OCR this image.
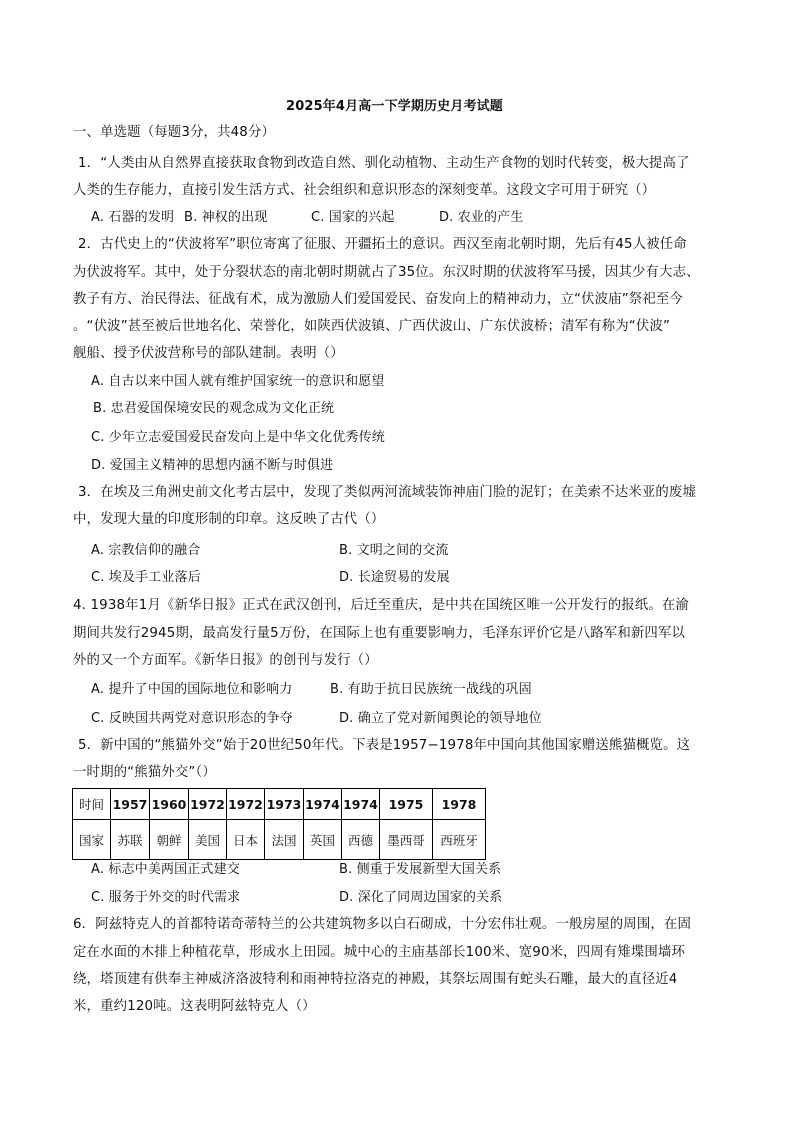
2025年4月高一下学期历史月考试题
一、单选题（每题3分，共48分）
1．“人类由从自然界直接获取食物到改造自然、驯化动植物、主动生产食物的划时代转变，极大提高了
人类的生存能力，直接引发生活方式、社会组织和意识形态的深刻变革。这段文字可用于研究（）
A. 石器的发明 B. 神权的出现	C. 国家的兴起	D. 农业的产生
2．古代史上的“伏波将军”职位寄寓了征服、开疆拓土的意识。西汉至南北朝时期，先后有45人被任命
为伏波将军。其中，处于分裂状态的南北朝时期就占了35位。东汉时期的伏波将军马援，因其少有大志、
教子有方、治民得法、征战有术，成为激励人们爱国爱民、奋发向上的精神动力，立“伏波庙”祭祀至今
。“伏波”甚至被后世地名化、荣誉化，如陕西伏波镇、广西伏波山、广东伏波桥；清军有称为“伏波”
舰船、授予伏波营称号的部队建制。表明（）
A. 自古以来中国人就有维护国家统一的意识和愿望
B. 忠君爱国保境安民的观念成为文化正统
C. 少年立志爱国爱民奋发向上是中华文化优秀传统
D. 爱国主义精神的思想内涵不断与时俱进
3．在埃及三角洲史前文化考古层中，发现了类似两河流域装饰神庙门脸的泥钉；在美索不达米亚的废墟
中，发现大量的印度形制的印章。这反映了古代（）
A. 宗教信仰的融合	B. 文明之间的交流
C. 埃及手工业落后	D. 长途贸易的发展
4. 1938年1月《新华日报》正式在武汉创刊，后迁至重庆，是中共在国统区唯一公开发行的报纸。在渝
期间共发行2945期，最高发行量5万份，在国际上也有重要影响力，毛泽东评价它是八路军和新四军以
外的又一个方面军。《新华日报》的创刊与发行（）
A. 提升了中国的国际地位和影响力	B. 有助于抗日民族统一战线的巩固
C. 反映国共两党对意识形态的争夺	D. 确立了党对新闻舆论的领导地位
5．新中国的“熊猫外交”始于20世纪50年代。下表是1957−1978年中国向其他国家赠送熊猫概览。这
一时期的“熊猫外交”（）
时间	1957	1960	1972	1972	1973	1974	1974	1975	1978
国家	苏联	朝鲜	美国	日本	法国	英国	西德	墨西哥	西班牙
A. 标志中美两国正式建交	B. 侧重于发展新型大国关系
C. 服务于外交的时代需求	D. 深化了同周边国家的关系
6．阿兹特克人的首都特诺奇蒂特兰的公共建筑物多以白石砌成，十分宏伟壮观。一般房屋的周围，在固
定在水面的木排上种植花草，形成水上田园。城中心的主庙基部长100米、宽90米，四周有雉堞围墙环
绕，塔顶建有供奉主神威济洛波特利和雨神特拉洛克的神殿，其祭坛周围有蛇头石雕，最大的直径近4
米，重约120吨。这表明阿兹特克人（）
